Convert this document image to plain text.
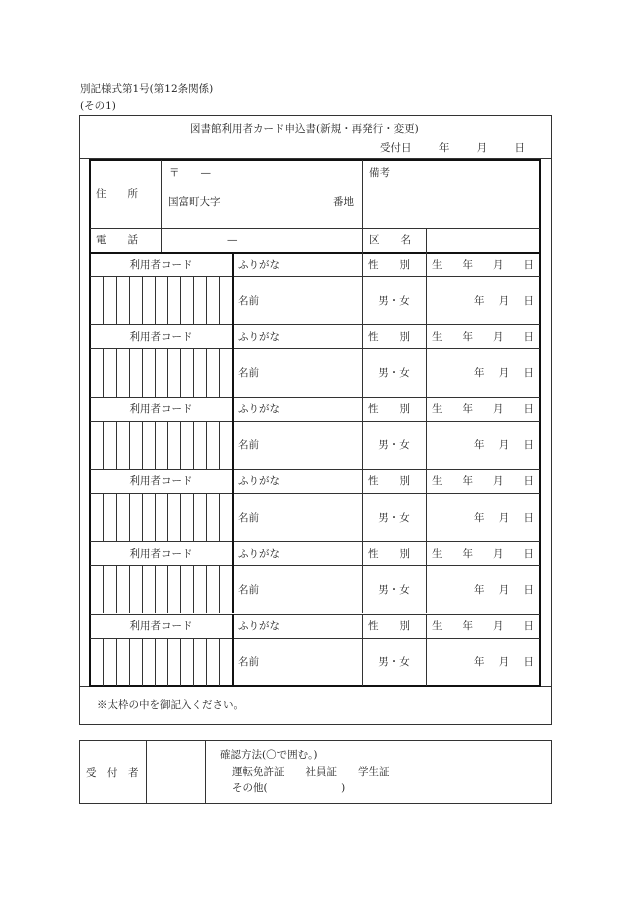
別記様式第1号(第12条関係)
(その1)
図書館利用者カード申込書(新規・再発行・変更)
受付日	年	月	日
住　　所
〒　　—
国富町大字	番地
備考
電　　話	—	区　　名
利用者コード	ふりがな	性　　別 生 年 月 日
名前	男・女	年 月 日
利用者コード	ふりがな	性　　別 生 年 月 日
名前	男・女	年 月 日
利用者コード	ふりがな	性　　別 生 年 月 日
名前	男・女	年 月 日
利用者コード	ふりがな	性　　別 生 年 月 日
名前	男・女	年 月 日
利用者コード	ふりがな	性　　別 生 年 月 日
名前	男・女	年 月 日
利用者コード	ふりがな	性　　別 生 年 月 日
名前	男・女	年 月 日
※太枠の中を御記入ください。
受　付　者
確認方法(〇で囲む。)
運転免許証　　社員証　　学生証
その他(　　　　　　　)
